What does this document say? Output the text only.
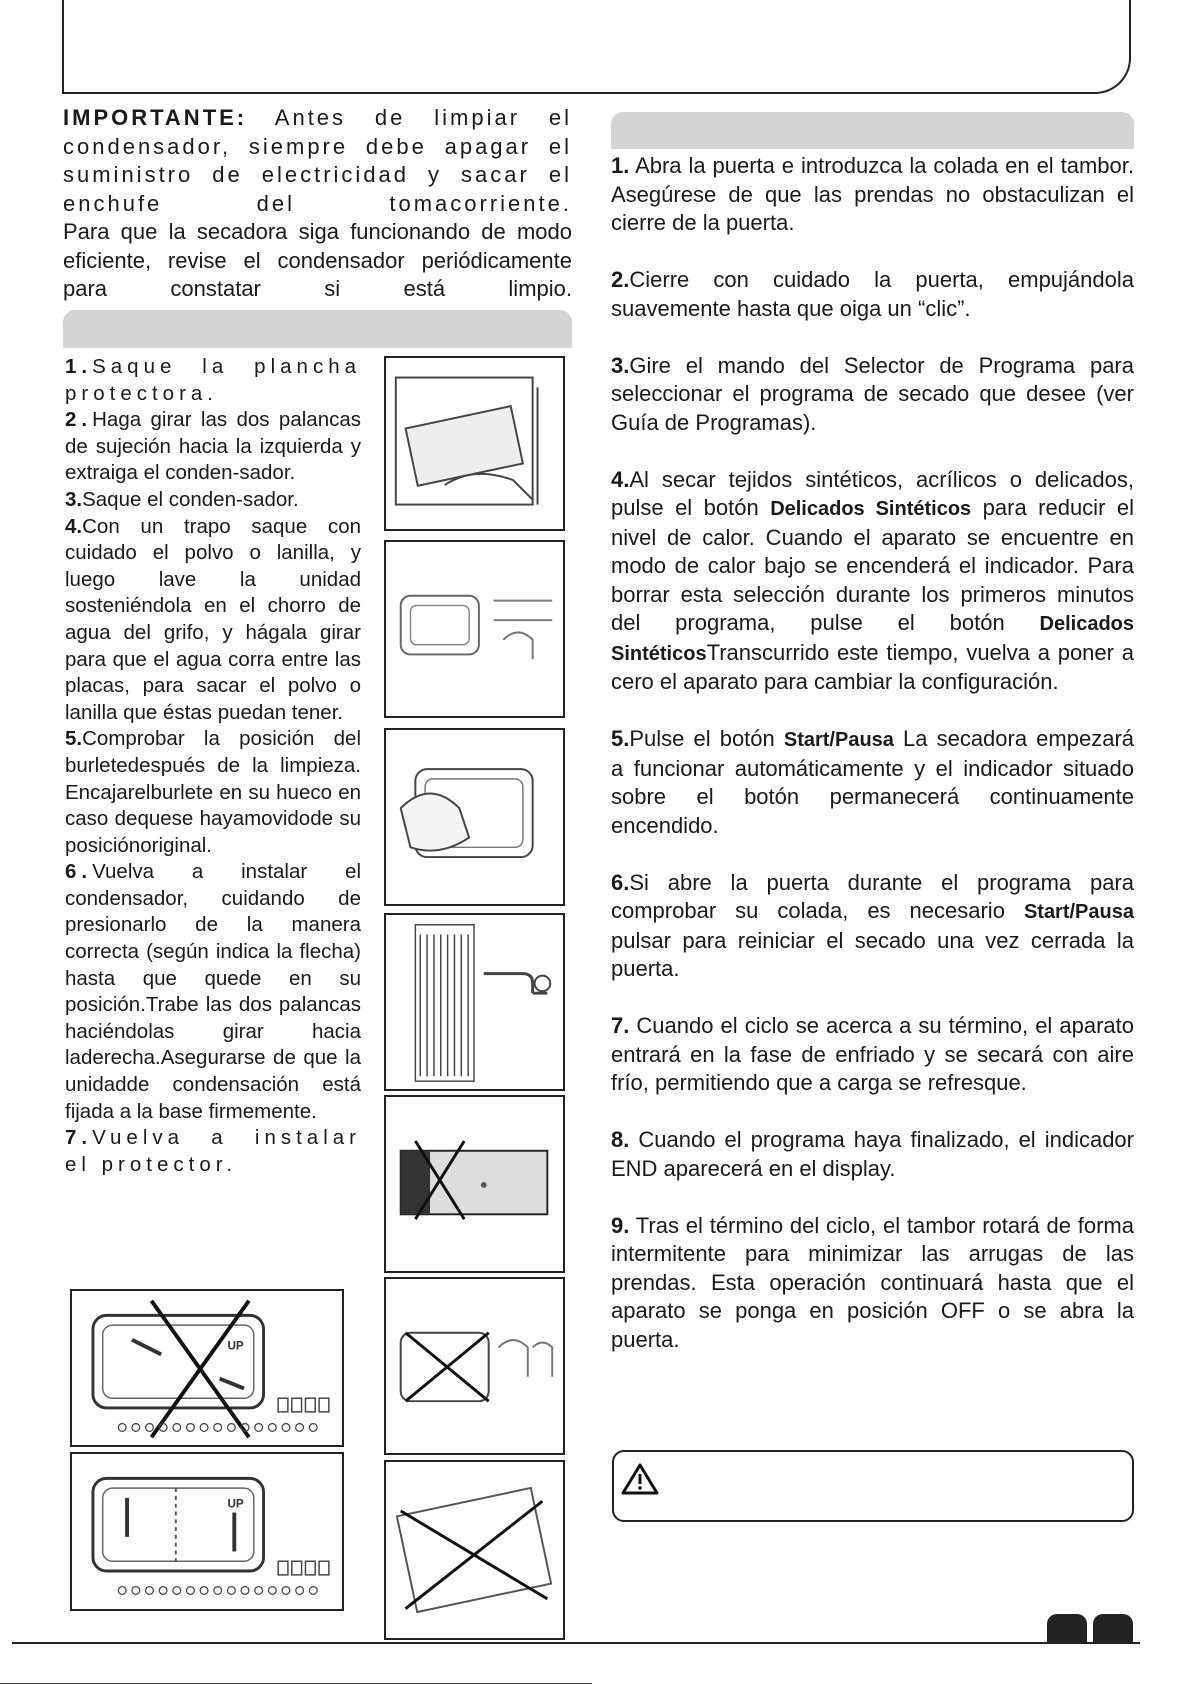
IMPORTANTE: Antes de limpiar el condensador, siempre debe apagar el suministro de electricidad y sacar el enchufe del tomacorriente.

Para que la secadora siga funcionando de modo eficiente, revise el condensador periódicamente para constatar si está limpio.

1.Saque la plancha protectora.

2.Haga girar las dos palancas de sujeción hacia la izquierda y extraiga el conden-sador.

3.Saque el conden-sador.

4.Con un trapo saque con cuidado el polvo o lanilla, y luego lave la unidad sosteniéndola en el chorro de agua del grifo, y hágala girar para que el agua corra entre las placas, para sacar el polvo o lanilla que éstas puedan tener.

5.Comprobar la posición del burletedespués de la limpieza. Encajarelburlete en su hueco en caso dequese hayamovidode su posiciónoriginal.

6.Vuelva a instalar el condensador, cuidando de presionarlo de la manera correcta (según indica la flecha) hasta que quede en su posición.Trabe las dos palancas haciéndolas girar hacia laderecha.Asegurarse de que la unidadde condensación está fijada a la base firmemente.

7.Vuelva a instalar el protector.

UP
UP

1. Abra la puerta e introduzca la colada en el tambor. Asegúrese de que las prendas no obstaculizan el cierre de la puerta.

2.Cierre con cuidado la puerta, empujándola suavemente hasta que oiga un “clic”.

3.Gire el mando del Selector de Programa para seleccionar el programa de secado que desee (ver Guía de Programas).

4.Al secar tejidos sintéticos, acrílicos o delicados, pulse el botón Delicados Sintéticos para reducir el nivel de calor. Cuando el aparato se encuentre en modo de calor bajo se encenderá el indicador. Para borrar esta selección durante los primeros minutos del programa, pulse el botón Delicados SintéticosTranscurrido este tiempo, vuelva a poner a cero el aparato para cambiar la configuración.

5.Pulse el botón Start/Pausa La secadora empezará a funcionar automáticamente y el indicador situado sobre el botón permanecerá continuamente encendido.

6.Si abre la puerta durante el programa para comprobar su colada, es necesario Start/Pausa pulsar para reiniciar el secado una vez cerrada la puerta.

7. Cuando el ciclo se acerca a su término, el aparato entrará en la fase de enfriado y se secará con aire frío, permitiendo que a carga se refresque.

8. Cuando el programa haya finalizado, el indicador END aparecerá en el display.

9. Tras el término del ciclo, el tambor rotará de forma intermitente para minimizar las arrugas de las prendas. Esta operación continuará hasta que el aparato se ponga en posición OFF o se abra la puerta.
